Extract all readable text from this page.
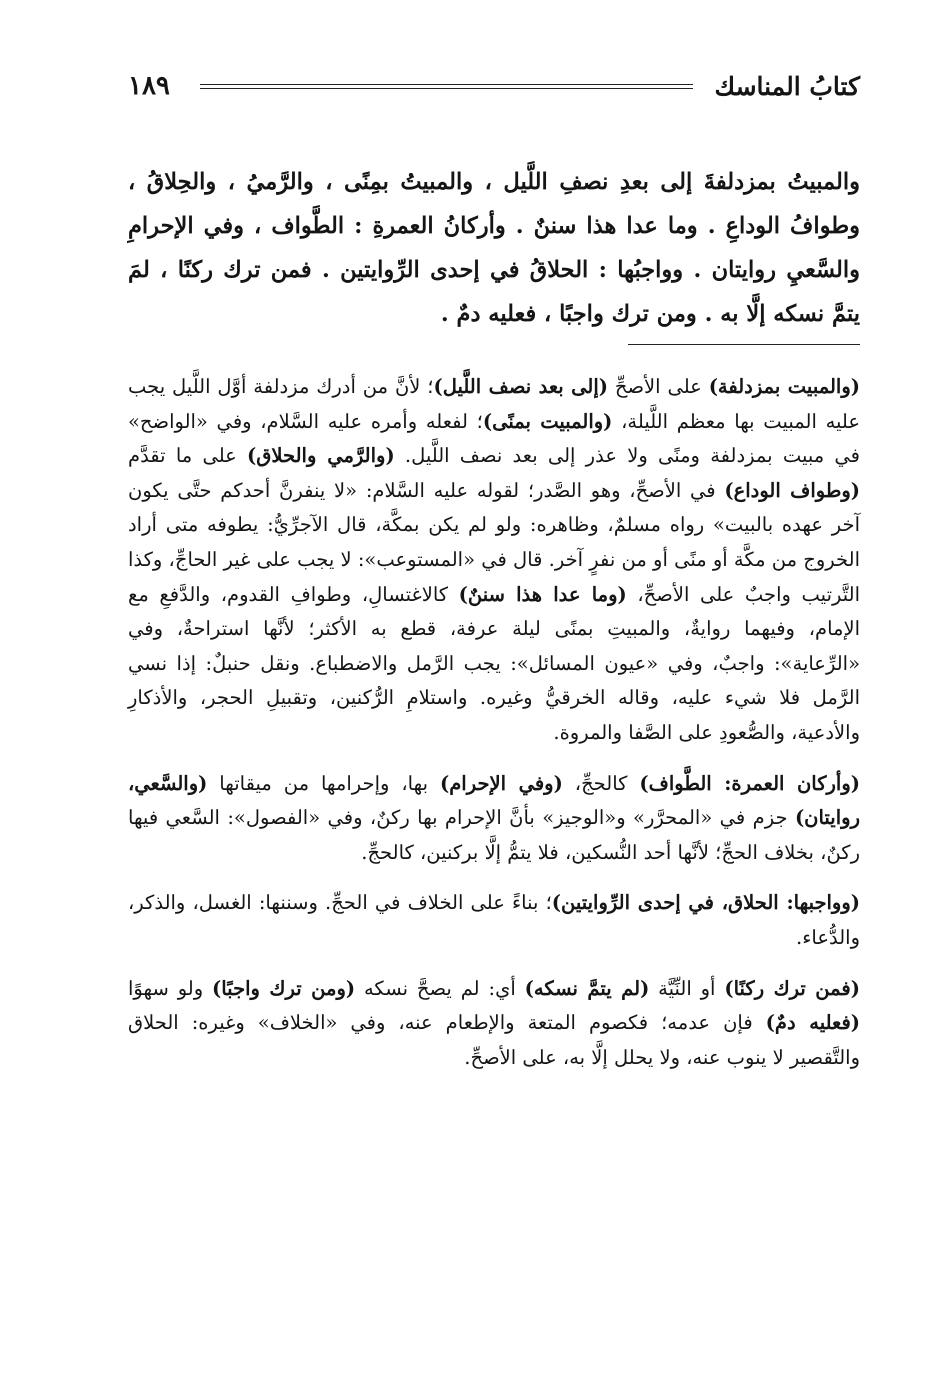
كتابُ المناسك
١٨٩

والمبيتُ بمزدلفةَ إلى بعدِ نصفِ اللَّيل ، والمبيتُ بمِنًى ، والرَّميُ ، والحِلاقُ ، وطوافُ الوداعِ . وما عدا هذا سننٌ . وأركانُ العمرةِ : الطَّواف ، وفي الإحرامِ والسَّعيِ روايتان . وواجبُها : الحلاقُ في إحدى الرِّوايتين . فمن ترك ركنًا ، لمَ يتمَّ نسكه إلَّا به . ومن ترك واجبًا ، فعليه دمٌ .

(والمبيت بمزدلفة) على الأصحِّ (إلى بعد نصف اللَّيل)؛ لأنَّ من أدرك مزدلفة أوَّل اللَّيل يجب عليه المبيت بها معظم اللَّيلة، (والمبيت بمنًى)؛ لفعله وأمره عليه السَّلام، وفي «الواضح» في مبيت بمزدلفة ومنًى ولا عذر إلى بعد نصف اللَّيل. (والرَّمي والحلاق) على ما تقدَّم (وطواف الوداع) في الأصحِّ، وهو الصَّدر؛ لقوله عليه السَّلام: «لا ينفرنَّ أحدكم حتَّى يكون آخر عهده بالبيت» رواه مسلمٌ، وظاهره: ولو لم يكن بمكَّة، قال الآجرِّيُّ: يطوفه متى أراد الخروج من مكَّة أو منًى أو من نفرٍ آخر. قال في «المستوعب»: لا يجب على غير الحاجِّ، وكذا التَّرتيب واجبٌ على الأصحِّ، (وما عدا هذا سننٌ) كالاغتسالِ، وطوافِ القدوم، والدَّفعِ مع الإمام، وفيهما روايةٌ، والمبيتِ بمنًى ليلة عرفة، قطع به الأكثر؛ لأنَّها استراحةٌ، وفي «الرِّعاية»: واجبٌ، وفي «عيون المسائل»: يجب الرَّمل والاضطباع. ونقل حنبلٌ: إذا نسي الرَّمل فلا شيء عليه، وقاله الخرقيُّ وغيره. واستلامِ الرُّكنين، وتقبيلِ الحجر، والأذكارِ والأدعية، والصُّعودِ على الصَّفا والمروة.

(وأركان العمرة: الطَّواف) كالحجِّ، (وفي الإحرام) بها، وإحرامها من ميقاتها (والسَّعي، روايتان) جزم في «المحرَّر» و«الوجيز» بأنَّ الإحرام بها ركنٌ، وفي «الفصول»: السَّعي فيها ركنٌ، بخلاف الحجِّ؛ لأنَّها أحد النُّسكين، فلا يتمُّ إلَّا بركنين، كالحجِّ.

(وواجبها: الحلاق، في إحدى الرِّوايتين)؛ بناءً على الخلاف في الحجِّ. وسننها: الغسل، والذكر، والدُّعاء.

(فمن ترك ركنًا) أو النِّيَّة (لم يتمَّ نسكه) أي: لم يصحَّ نسكه (ومن ترك واجبًا) ولو سهوًا (فعليه دمٌ) فإن عدمه؛ فكصوم المتعة والإطعام عنه، وفي «الخلاف» وغيره: الحلاق والتَّقصير لا ينوب عنه، ولا يحلل إلَّا به، على الأصحِّ.
